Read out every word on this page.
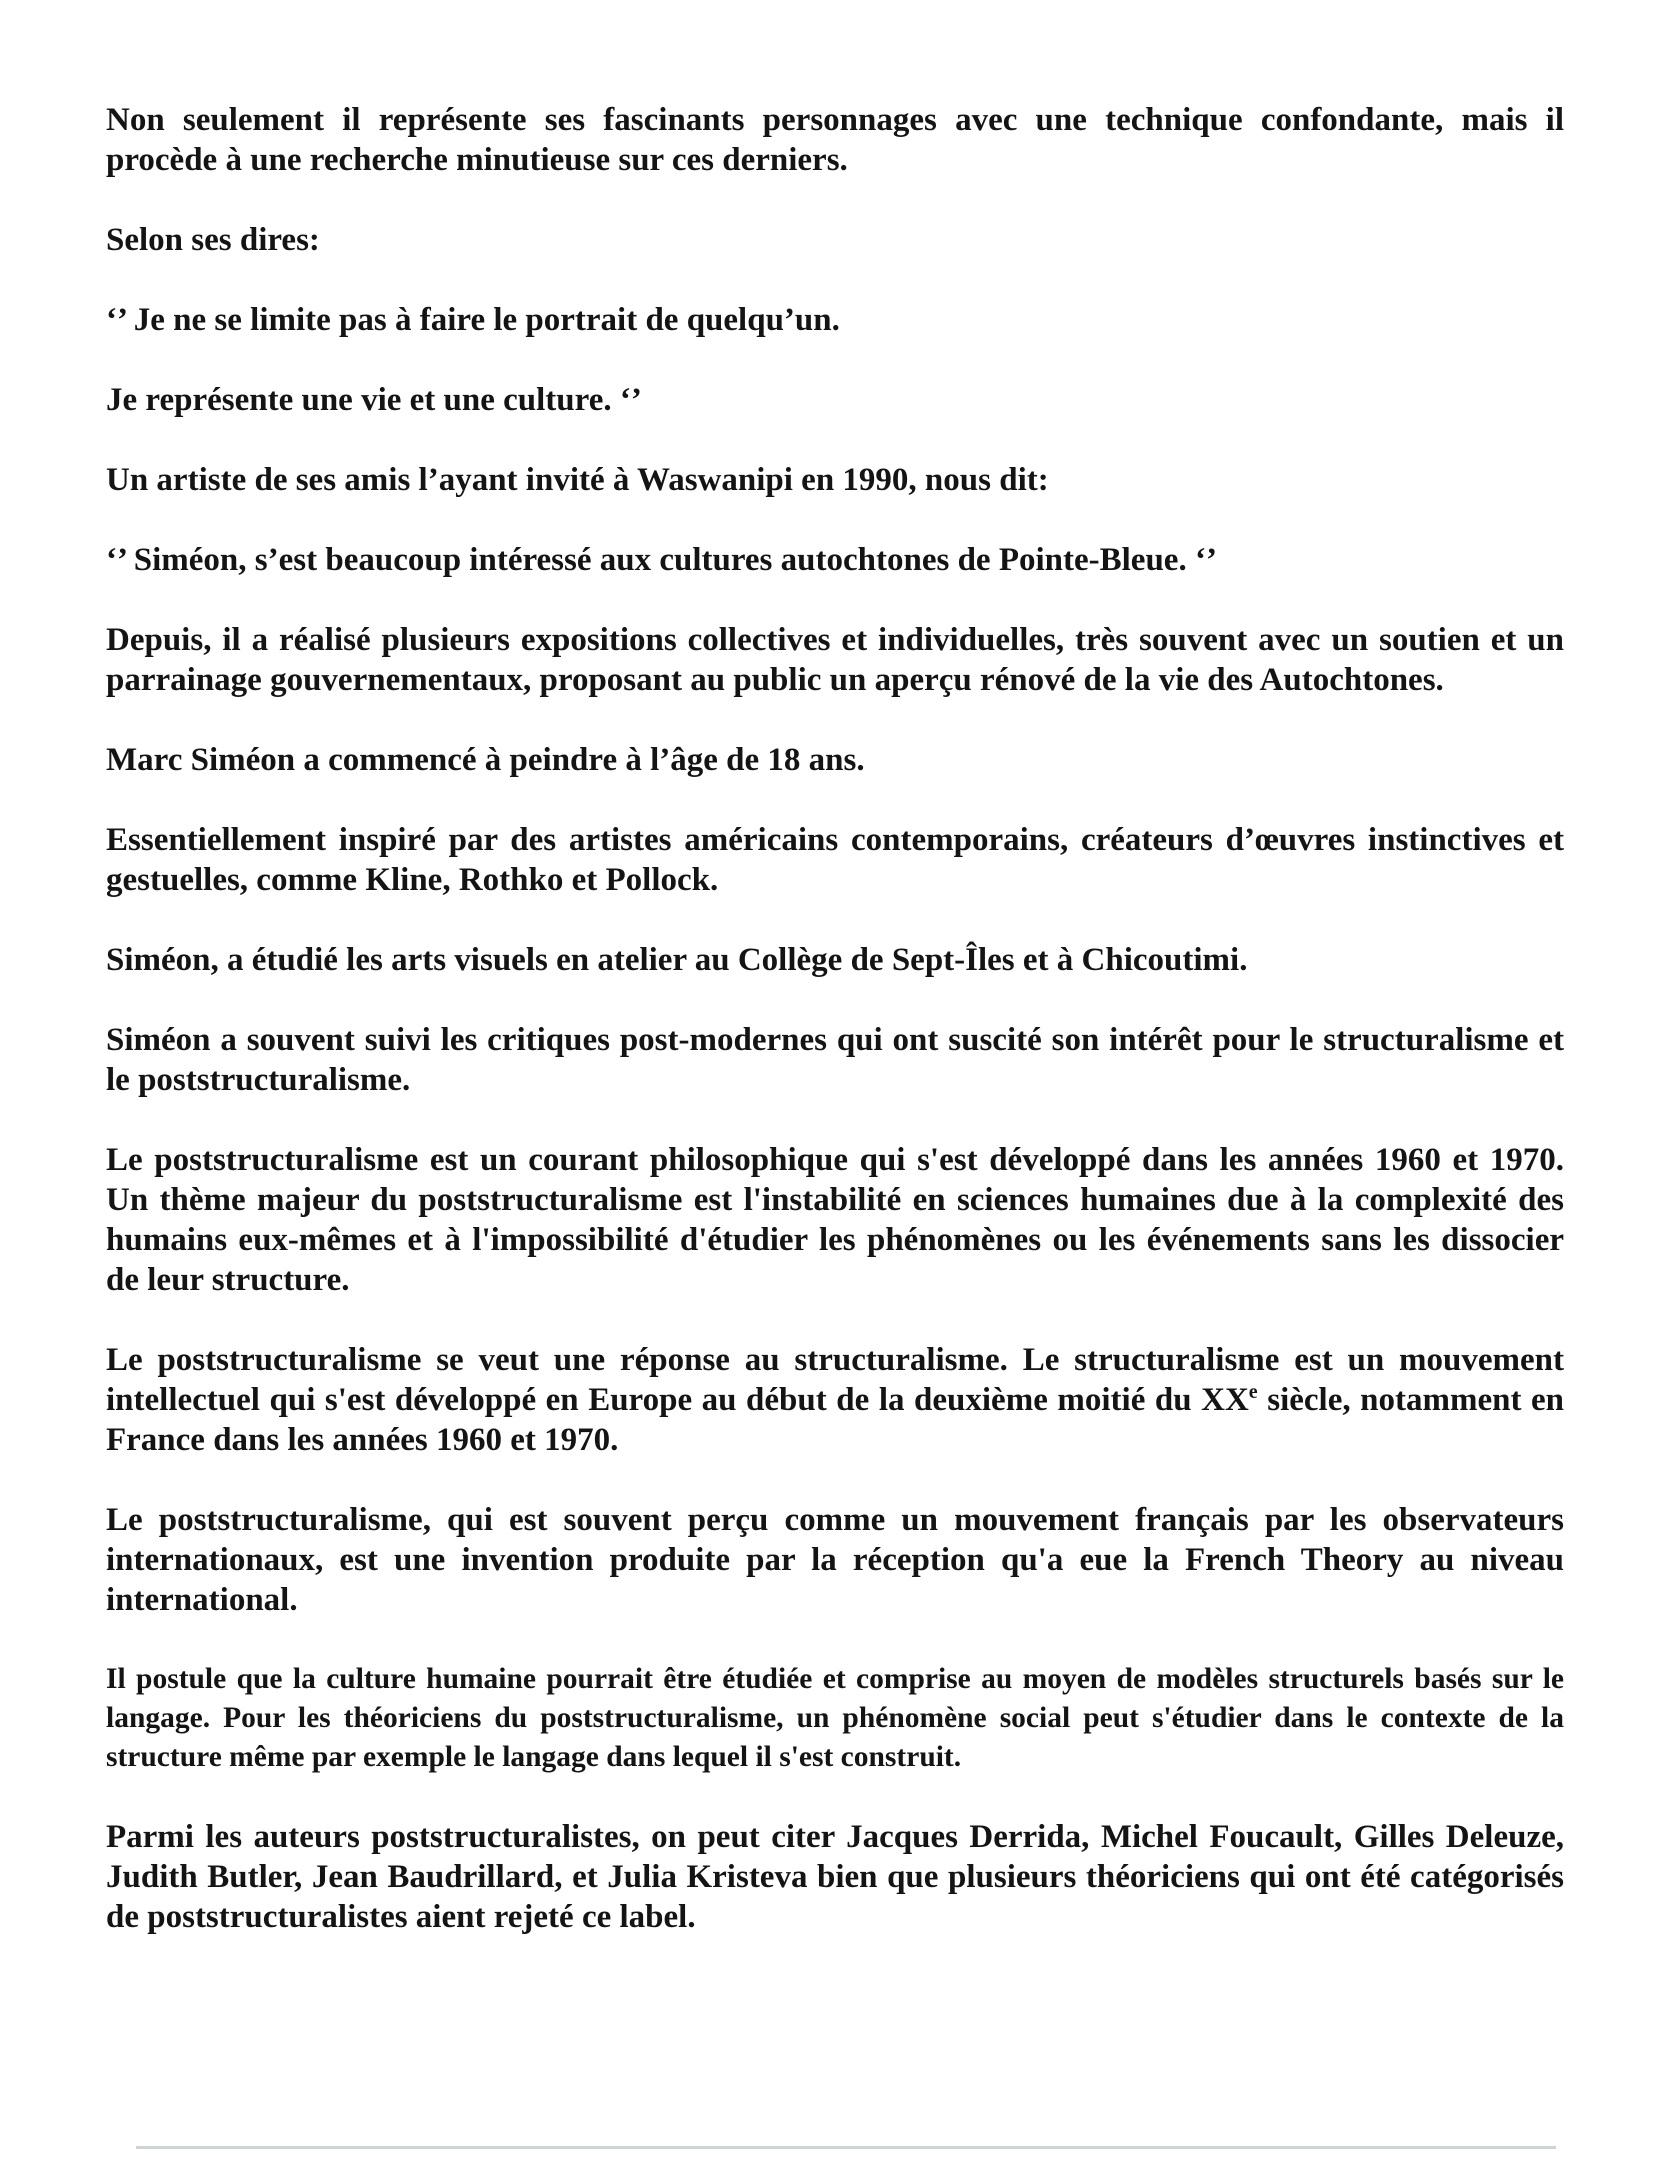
Non seulement il représente ses fascinants personnages avec une technique confondante, mais il procède à une recherche minutieuse sur ces derniers.

Selon ses dires:

‘’ Je ne se limite pas à faire le portrait de quelqu’un.

Je représente une vie et une culture. ‘’

Un artiste de ses amis l’ayant invité à Waswanipi en 1990, nous dit:

‘’ Siméon, s’est beaucoup intéressé aux cultures autochtones de Pointe-Bleue. ‘’

Depuis, il a réalisé plusieurs expositions collectives et individuelles, très souvent avec un soutien et un parrainage gouvernementaux, proposant au public un aperçu rénové de la vie des Autochtones.

Marc Siméon a commencé à peindre à l’âge de 18 ans.

Essentiellement inspiré par des artistes américains contemporains, créateurs d’œuvres instinctives et gestuelles, comme Kline, Rothko et Pollock.

Siméon, a étudié les arts visuels en atelier au Collège de Sept-Îles et à Chicoutimi.

Siméon a souvent suivi les critiques post-modernes qui ont suscité son intérêt pour le structuralisme et le poststructuralisme.

Le poststructuralisme est un courant philosophique qui s'est développé dans les années 1960 et 1970. Un thème majeur du poststructuralisme est l'instabilité en sciences humaines due à la complexité des humains eux-mêmes et à l'impossibilité d'étudier les phénomènes ou les événements sans les dissocier de leur structure.

Le poststructuralisme se veut une réponse au structuralisme. Le structuralisme est un mouvement intellectuel qui s'est développé en Europe au début de la deuxième moitié du XXe siècle, notamment en France dans les années 1960 et 1970.

Le poststructuralisme, qui est souvent perçu comme un mouvement français par les observateurs internationaux, est une invention produite par la réception qu'a eue la French Theory au niveau international.

Il postule que la culture humaine pourrait être étudiée et comprise au moyen de modèles structurels basés sur le langage. Pour les théoriciens du poststructuralisme, un phénomène social peut s'étudier dans le contexte de la structure même par exemple le langage dans lequel il s'est construit.

Parmi les auteurs poststructuralistes, on peut citer Jacques Derrida, Michel Foucault, Gilles Deleuze, Judith Butler, Jean Baudrillard, et Julia Kristeva bien que plusieurs théoriciens qui ont été catégorisés de poststructuralistes aient rejeté ce label.
